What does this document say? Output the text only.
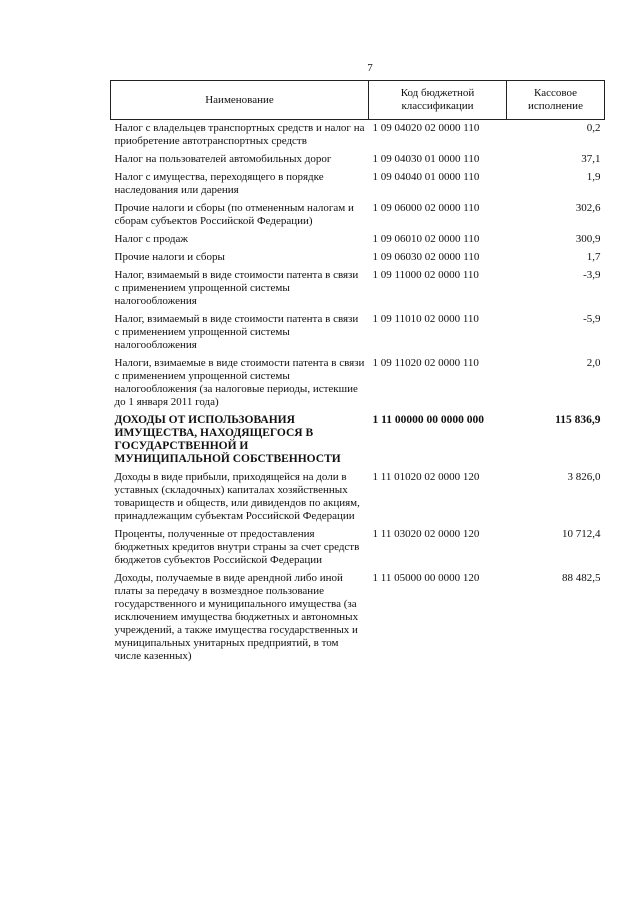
7
Наименование	Код бюджетной классификации	Кассовое исполнение
Налог с владельцев транспортных средств и налог на приобретение автотранспортных средств	1 09 04020 02 0000 110	0,2
Налог на пользователей автомобильных дорог	1 09 04030 01 0000 110	37,1
Налог с имущества, переходящего в порядке наследования или дарения	1 09 04040 01 0000 110	1,9
Прочие налоги и сборы (по отмененным налогам и сборам субъектов Российской Федерации)	1 09 06000 02 0000 110	302,6
Налог с продаж	1 09 06010 02 0000 110	300,9
Прочие налоги и сборы	1 09 06030 02 0000 110	1,7
Налог, взимаемый в виде стоимости патента в связи с применением упрощенной системы налогообложения	1 09 11000 02 0000 110	-3,9
Налог, взимаемый в виде стоимости патента в связи с применением упрощенной системы налогообложения	1 09 11010 02 0000 110	-5,9
Налоги, взимаемые в виде стоимости патента в связи с применением упрощенной системы налогообложения (за налоговые периоды, истекшие до 1 января 2011 года)	1 09 11020 02 0000 110	2,0
ДОХОДЫ ОТ ИСПОЛЬЗОВАНИЯ ИМУЩЕСТВА, НАХОДЯЩЕГОСЯ В ГОСУДАРСТВЕННОЙ И МУНИЦИПАЛЬНОЙ СОБСТВЕННОСТИ	1 11 00000 00 0000 000	115 836,9
Доходы в виде прибыли, приходящейся на доли в уставных (складочных) капиталах хозяйственных товариществ и обществ, или дивидендов по акциям, принадлежащим субъектам Российской Федерации	1 11 01020 02 0000 120	3 826,0
Проценты, полученные от предоставления бюджетных кредитов внутри страны за счет средств бюджетов субъектов Российской Федерации	1 11 03020 02 0000 120	10 712,4
Доходы, получаемые в виде арендной либо иной платы за передачу в возмездное пользование государственного и муниципального имущества (за исключением имущества бюджетных и автономных учреждений, а также имущества государственных и муниципальных унитарных предприятий, в том числе казенных)	1 11 05000 00 0000 120	88 482,5
